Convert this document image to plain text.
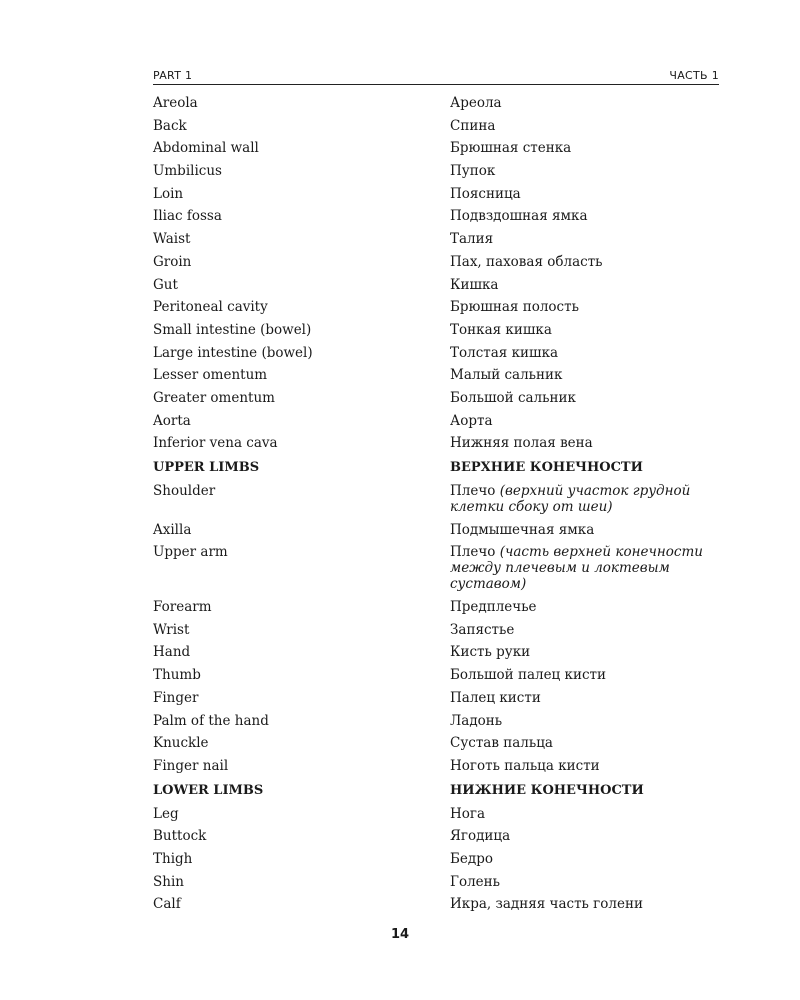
PART 1	ЧАСТЬ 1
Areola	Ареола
Back	Спина
Abdominal wall	Брюшная стенка
Umbilicus	Пупок
Loin	Поясница
Iliac fossa	Подвздошная ямка
Waist	Талия
Groin	Пах, паховая область
Gut	Кишка
Peritoneal cavity	Брюшная полость
Small intestine (bowel)	Тонкая кишка
Large intestine (bowel)	Толстая кишка
Lesser omentum	Малый сальник
Greater omentum	Большой сальник
Aorta	Аорта
Inferior vena cava	Нижняя полая вена
UPPER LIMBS	ВЕРХНИЕ КОНЕЧНОСТИ
Shoulder	Плечо (верхний участок грудной клетки сбоку от шеи)
Axilla	Подмышечная ямка
Upper arm	Плечо (часть верхней конечности между плечевым и локтевым суставом)
Forearm	Предплечье
Wrist	Запястье
Hand	Кисть руки
Thumb	Большой палец кисти
Finger	Палец кисти
Palm of the hand	Ладонь
Knuckle	Сустав пальца
Finger nail	Ноготь пальца кисти
LOWER LIMBS	НИЖНИЕ КОНЕЧНОСТИ
Leg	Нога
Buttock	Ягодица
Thigh	Бедро
Shin	Голень
Calf	Икра, задняя часть голени
14
